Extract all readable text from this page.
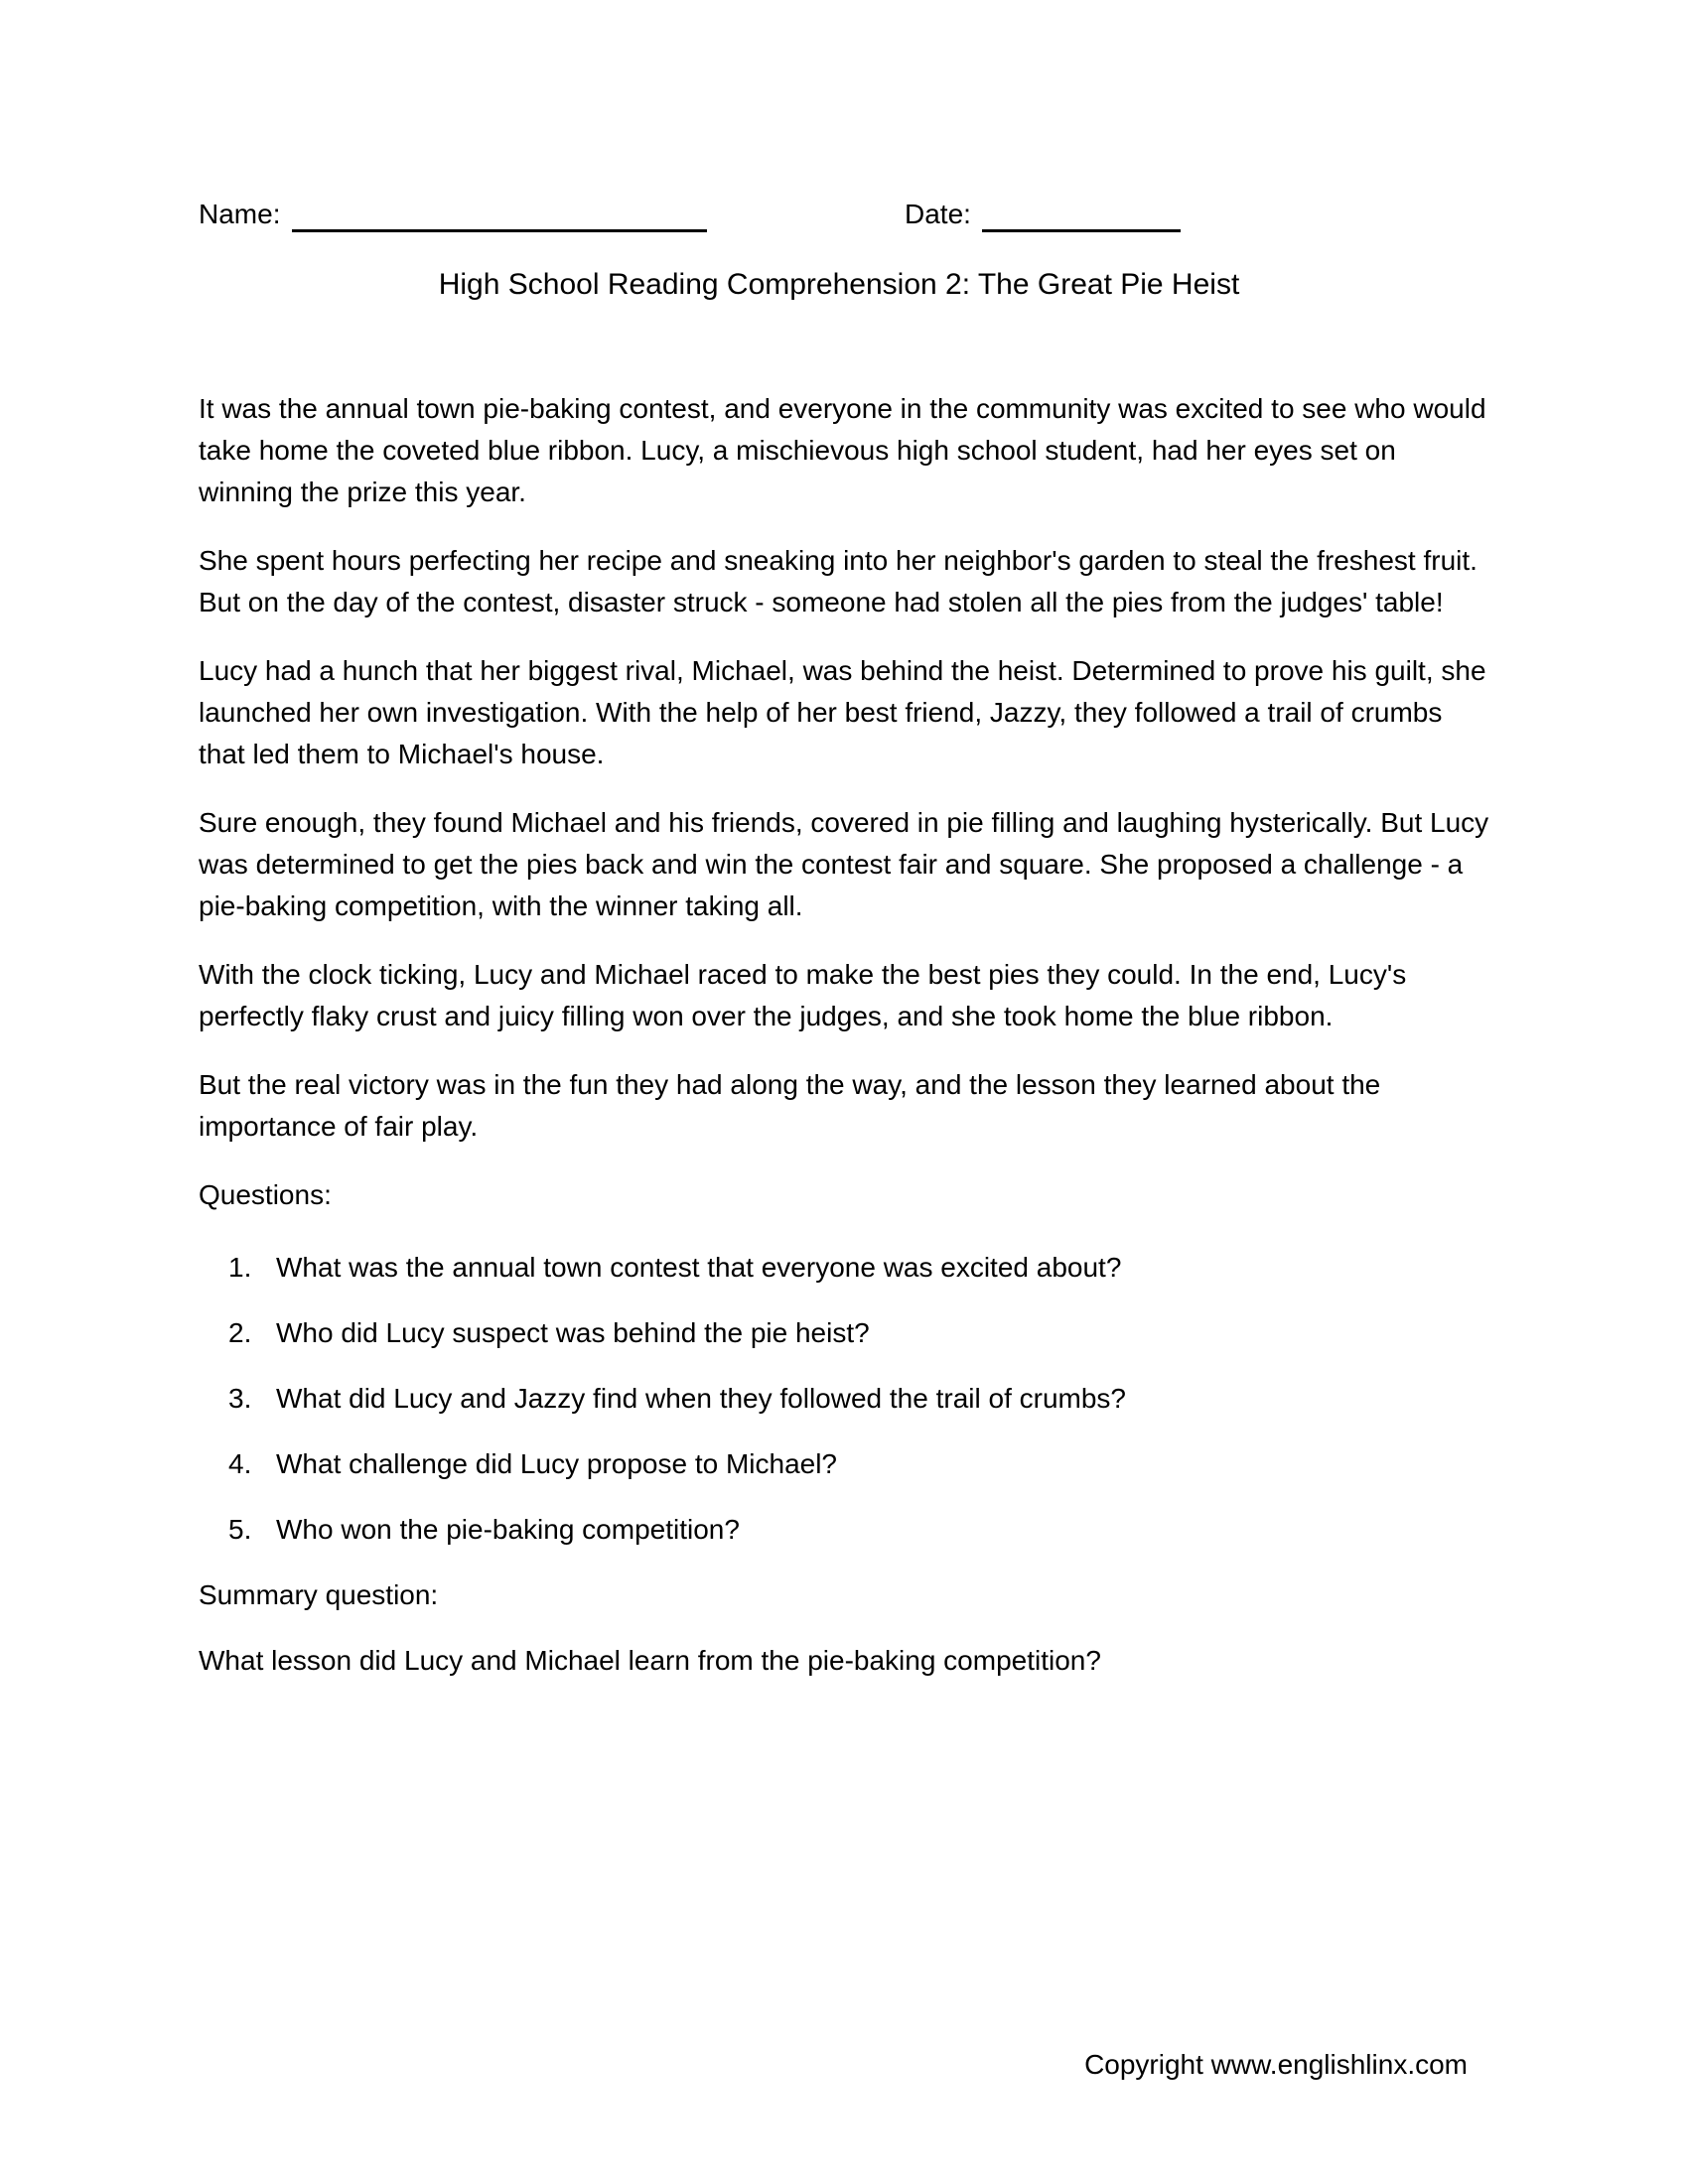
Name:	Date:
High School Reading Comprehension 2: The Great Pie Heist

It was the annual town pie-baking contest, and everyone in the community was excited to see who would take home the coveted blue ribbon. Lucy, a mischievous high school student, had her eyes set on winning the prize this year.

She spent hours perfecting her recipe and sneaking into her neighbor's garden to steal the freshest fruit. But on the day of the contest, disaster struck - someone had stolen all the pies from the judges' table!

Lucy had a hunch that her biggest rival, Michael, was behind the heist. Determined to prove his guilt, she launched her own investigation. With the help of her best friend, Jazzy, they followed a trail of crumbs that led them to Michael's house.

Sure enough, they found Michael and his friends, covered in pie filling and laughing hysterically. But Lucy was determined to get the pies back and win the contest fair and square. She proposed a challenge - a pie-baking competition, with the winner taking all.

With the clock ticking, Lucy and Michael raced to make the best pies they could. In the end, Lucy's perfectly flaky crust and juicy filling won over the judges, and she took home the blue ribbon.

But the real victory was in the fun they had along the way, and the lesson they learned about the importance of fair play.

Questions:

1. What was the annual town contest that everyone was excited about?
2. Who did Lucy suspect was behind the pie heist?
3. What did Lucy and Jazzy find when they followed the trail of crumbs?
4. What challenge did Lucy propose to Michael?
5. Who won the pie-baking competition?

Summary question:

What lesson did Lucy and Michael learn from the pie-baking competition?

Copyright www.englishlinx.com
